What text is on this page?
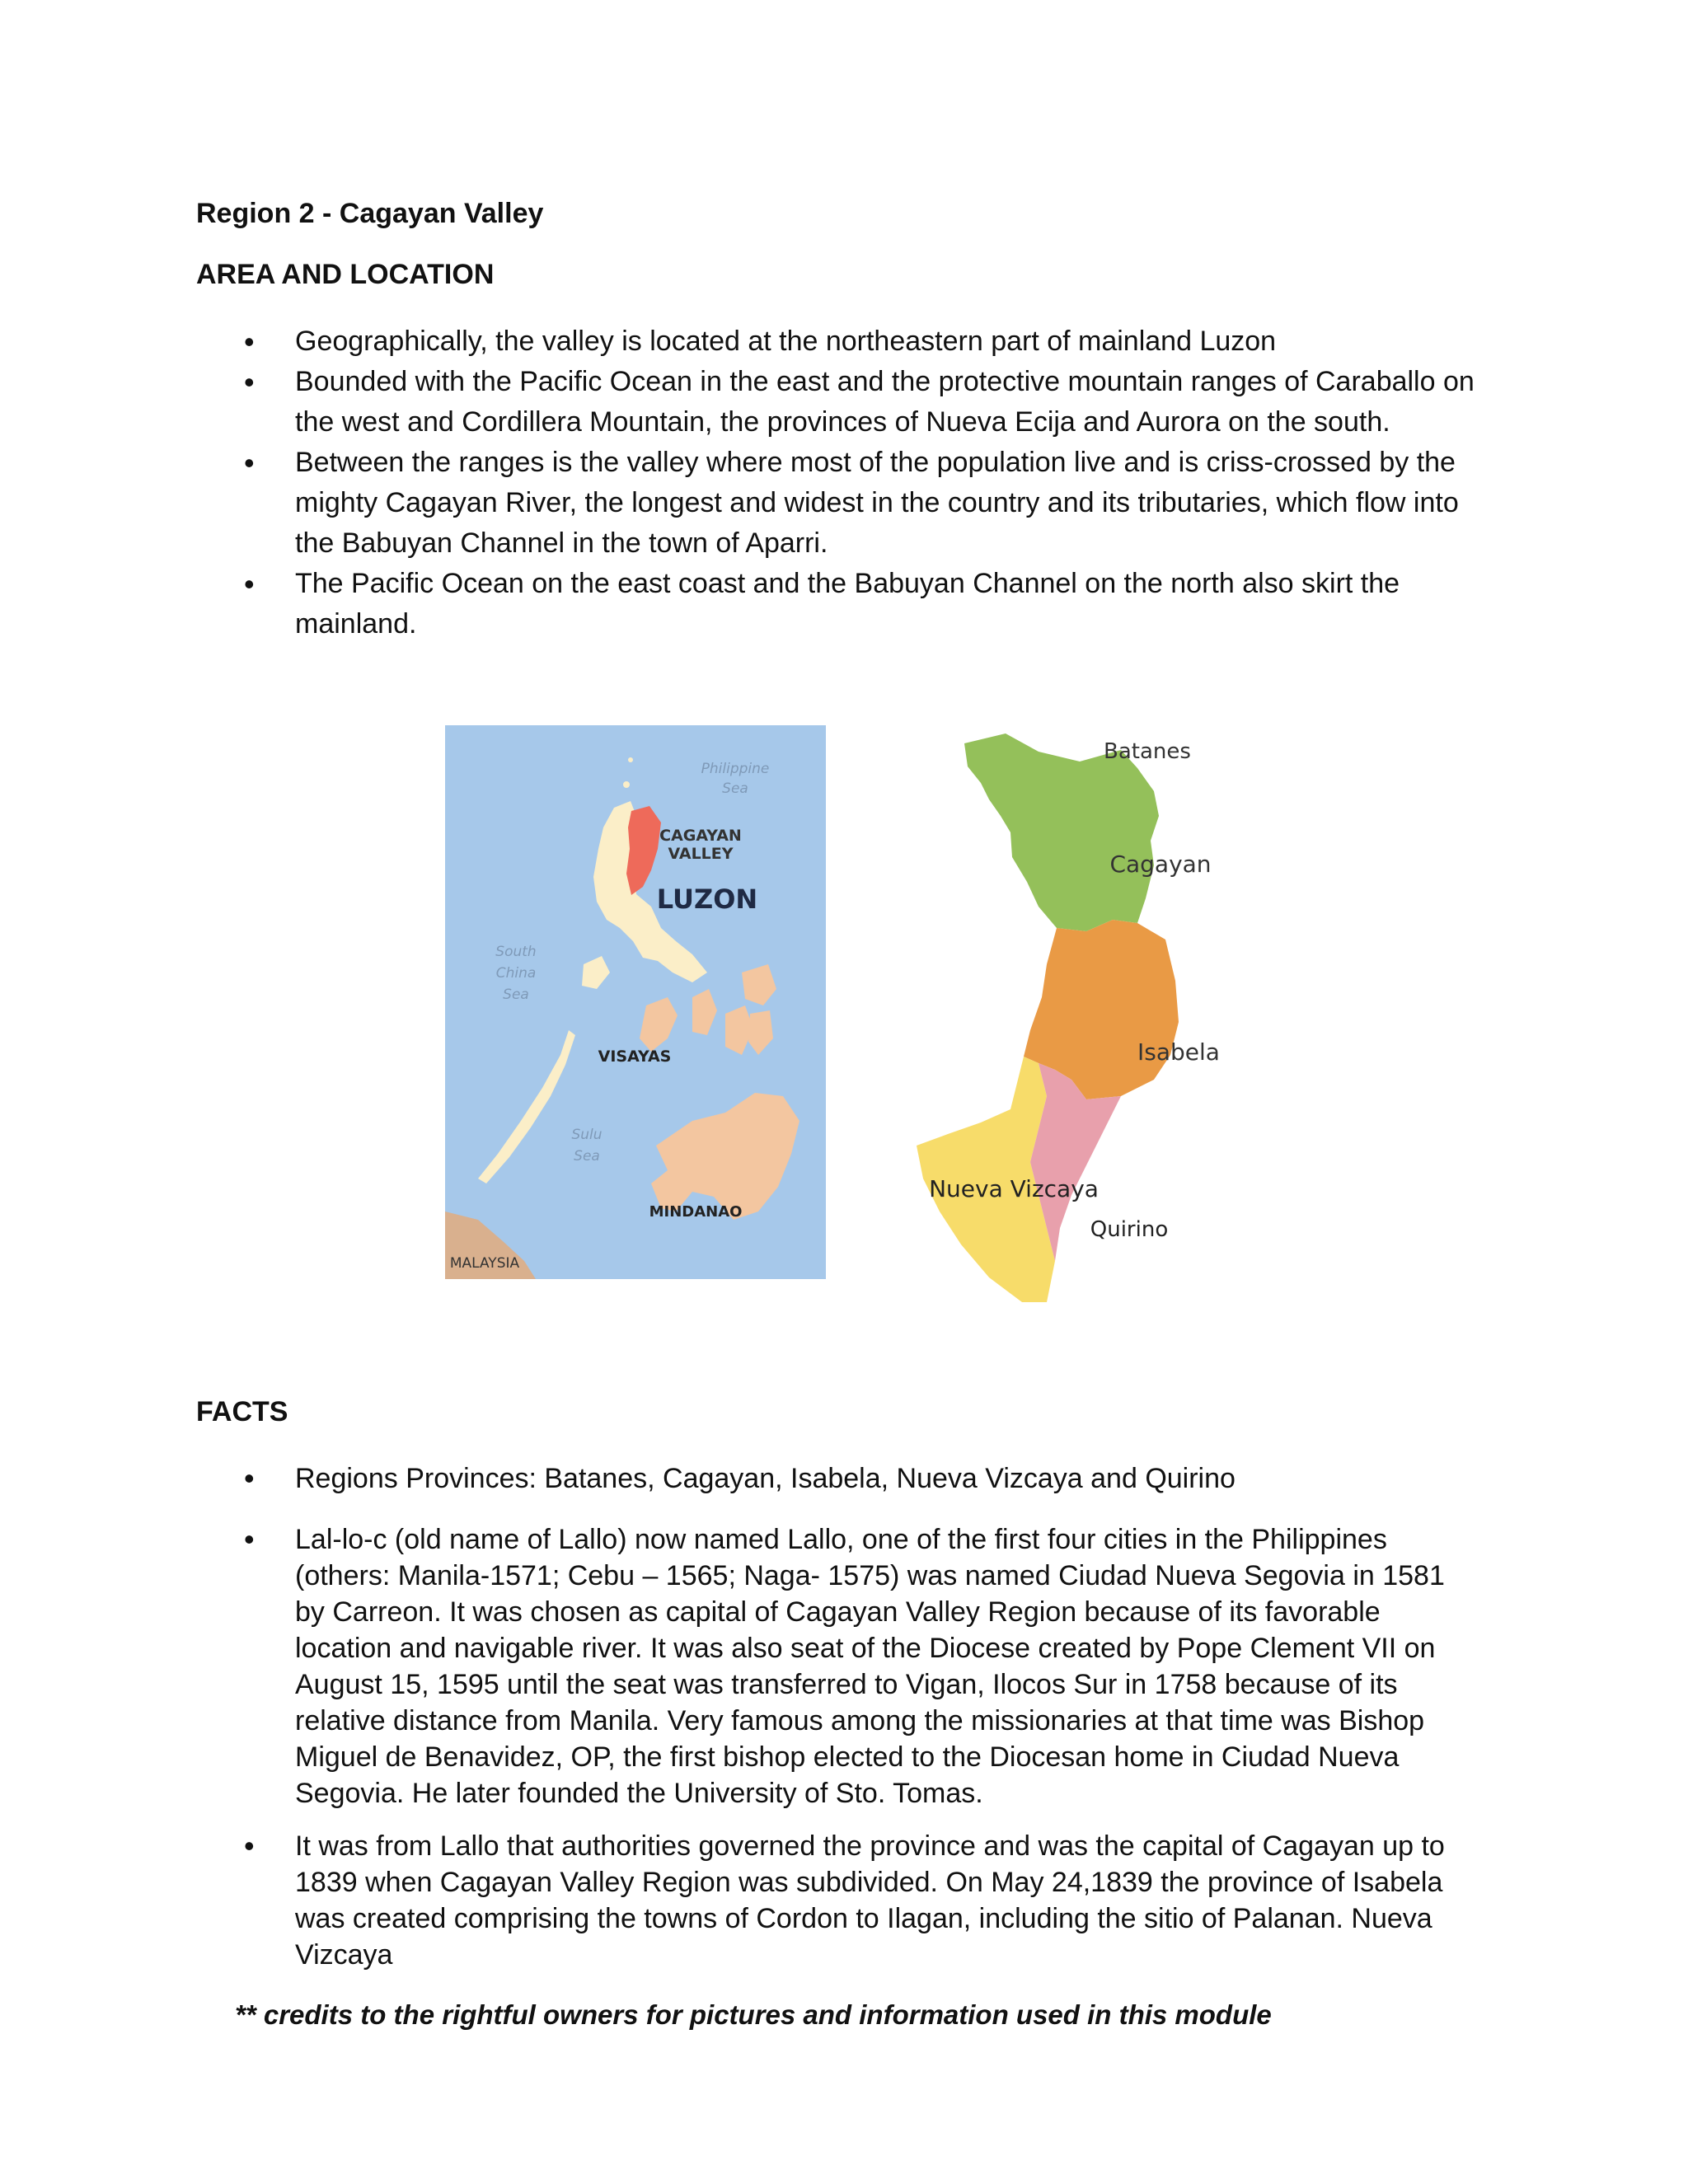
Region 2 - Cagayan Valley
AREA AND LOCATION
• Geographically, the valley is located at the northeastern part of mainland Luzon
• Bounded with the Pacific Ocean in the east and the protective mountain ranges of Caraballo on the west and Cordillera Mountain, the provinces of Nueva Ecija and Aurora on the south.
• Between the ranges is the valley where most of the population live and is criss-crossed by the mighty Cagayan River, the longest and widest in the country and its tributaries, which flow into the Babuyan Channel in the town of Aparri.
• The Pacific Ocean on the east coast and the Babuyan Channel on the north also skirt the mainland.
Philippine
Sea
CAGAYAN
VALLEY
LUZON
South
China
Sea
VISAYAS
Sulu
Sea
MINDANAO
MALAYSIA
Batanes
Cagayan
Isabela
Nueva Vizcaya
Quirino
FACTS
• Regions Provinces: Batanes, Cagayan, Isabela, Nueva Vizcaya and Quirino
• Lal-lo-c (old name of Lallo) now named Lallo, one of the first four cities in the Philippines (others: Manila-1571; Cebu – 1565; Naga- 1575) was named Ciudad Nueva Segovia in 1581 by Carreon. It was chosen as capital of Cagayan Valley Region because of its favorable location and navigable river. It was also seat of the Diocese created by Pope Clement VII on August 15, 1595 until the seat was transferred to Vigan, Ilocos Sur in 1758 because of its relative distance from Manila. Very famous among the missionaries at that time was Bishop Miguel de Benavidez, OP, the first bishop elected to the Diocesan home in Ciudad Nueva Segovia. He later founded the University of Sto. Tomas.
• It was from Lallo that authorities governed the province and was the capital of Cagayan up to 1839 when Cagayan Valley Region was subdivided. On May 24,1839 the province of Isabela was created comprising the towns of Cordon to Ilagan, including the sitio of Palanan. Nueva Vizcaya
** credits to the rightful owners for pictures and information used in this module
